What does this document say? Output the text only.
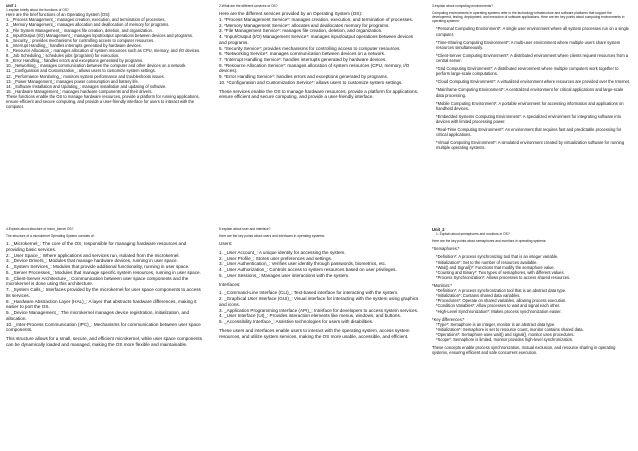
UNIT 1
1.explain briefly about the functions of OS?
Here are the brief functions of an Operating System (OS):
1. _Process Management_: manages creation, execution, and termination of processes.
2. _Memory Management_: manages allocation and deallocation of memory for programs.
3. _File System Management_: manages file creation, deletion, and organization.
4. _Input/Output (I/O) Management_: manages input/output operations between devices and programs.
5. _Security_: provides mechanisms for controlling access to computer resources.
6. _Interrupt Handling_: handles interrupts generated by hardware devices.
7. _Resource Allocation_: manages allocation of system resources such as CPU, memory, and I/O devices.
8. _Job Scheduling_: schedules jobs (programs) for execution.
9. _Error Handling_: handles errors and exceptions generated by programs.
10. _Networking_: manages communication between the computer and other devices on a network.
11. _Configuration and Customization_: allows users to customize system settings.
12. _Performance Monitoring_: monitors system performance and troubleshoots issues.
13. _Power Management_: manages power consumption and battery life.
14. _Software Installation and Updating_: manages installation and updating of software.
15. _Hardware Management_: manages hardware components and their drivers.
These functions enable the OS to manage hardware resources, provide a platform for running applications, ensure efficient and secure computing, and provide a user-friendly interface for users to interact with the computer.
2.What are the different services of OS?
Here are the different services provided by an Operating System (OS):
1. *Process Management Service*: manages creation, execution, and termination of processes.
2. *Memory Management Service*: allocates and deallocates memory for programs.
3. *File Management Service*: manages file creation, deletion, and organization.
4. *Input/Output (I/O) Management Service*: manages input/output operations between devices and programs.
5. *Security Service*: provides mechanisms for controlling access to computer resources.
6. *Networking Service*: manages communication between devices on a network.
7. *Interrupt Handling Service*: handles interrupts generated by hardware devices.
8. *Resource Allocation Service*: manages allocation of system resources (CPU, memory, I/O devices).
9. *Error Handling Service*: handles errors and exceptions generated by programs.
10. *Configuration and Customization Service*: allows users to customize system settings.
These services enable the OS to manage hardware resources, provide a platform for applications, ensure efficient and secure computing, and provide a user-friendly interface.
3.explain about computing environments?
Computing environments in operating systems refer to the technology infrastructure and software platforms that support the development, testing, deployment, and execution of software applications. Here are ten key points about computing environments in operating systems:
*Personal Computing Environment*: A single user environment where all system processes run on a single computer.
*Time-Sharing Computing Environment*: A multi-user environment where multiple users share system resources simultaneously.
*Client-Server Computing Environment*: A distributed environment where clients request resources from a central server.
*Grid Computing Environment*: A distributed environment where multiple computers work together to perform large-scale computations.
*Cloud Computing Environment*: A virtualized environment where resources are provided over the Internet.
*Mainframe Computing Environment*: A centralized environment for critical applications and large-scale data processing.
*Mobile Computing Environment*: A portable environment for accessing information and applications on handheld devices.
*Embedded Systems Computing Environment*: A specialized environment for integrating software into devices with limited processing power.
*Real-Time Computing Environment*: An environment that requires fast and predictable processing for critical applications.
*Virtual Computing Environment*: A simulated environment created by virtualization software for running multiple operating systems.
4.Explain about structure of micro_kernel OS?
The structure of a microkernel Operating System consists of:
1. _Microkernel_: The core of the OS, responsible for managing hardware resources and providing basic services.
2. _User Space_: Where applications and services run, isolated from the microkernel.
3. _Device Drivers_: Modules that manage hardware devices, running in user space.
4. _System Services_: Modules that provide additional functionality, running in user space.
5. _Server Processes_: Modules that manage specific system resources, running in user space.
6. _Client-Server Architecture_: Communication between user space components and the microkernel is done using this architecture.
7. _System Calls_: Interfaces provided by the microkernel for user space components to access its services.
8. _Hardware Abstraction Layer (HAL)_: A layer that abstracts hardware differences, making it easier to port the OS.
9. _Device Management_: The microkernel manages device registration, initialization, and allocation.
10. _Inter-Process Communication (IPC)_: Mechanisms for communication between user space components.
This structure allows for a small, secure, and efficient microkernel, while user space components can be dynamically loaded and managed, making the OS more flexible and maintainable.
5.explain about user and interface?
Here are the key points about users and interfaces in operating systems:
Users:
1. _User Account_: A unique identity for accessing the system.
2. _User Profile_: Stores user preferences and settings.
3. _User Authentication_: Verifies user identity through passwords, biometrics, etc.
4. _User Authorization_: Controls access to system resources based on user privileges.
5. _User Sessions_: Manages user interactions with the system.
Interfaces:
1. _Command-Line Interface (CLI)_: Text-based interface for interacting with the system.
2. _Graphical User Interface (GUI)_: Visual interface for interacting with the system using graphics and icons.
3. _Application Programming Interface (API)_: Interface for developers to access system services.
4. _User Interface (UI)_: Provides interaction elements like menus, windows, and buttons.
5. _Accessibility Interface_: Assistive technologies for users with disabilities.
These users and interfaces enable users to interact with the operating system, access system resources, and utilize system services, making the OS more usable, accessible, and efficient.
Unit_2
1. Explain about semaphores and monitors in OS?
Here are the key points about semaphores and monitors in operating systems:
*Semaphores:*
*Definition*: A process synchronizing tool that is an integer variable.
*Initialization*: Set to the number of resources available.
*Wait() and Signal()*: Functions that modify the semaphore value.
*Counting and Binary*: Two types of semaphores, with different values.
*Process Synchronization*: Allows processes to access shared resources.
*Monitors:*
*Definition*: A process synchronization tool that is an abstract data type.
*Initialization*: Contains shared data variables.
*Procedures*: Operate on shared variables, allowing process execution.
*Condition Variables*: Allow processes to wait and signal each other.
*High-Level Synchronization*: Makes process synchronization easier.
*Key differences:*
*Type*: Semaphore is an integer, monitor is an abstract data type.
*Initialization*: Semaphore is set to resource count, monitor contains shared data.
*Operations*: Semaphore uses wait() and signal(), monitor uses procedures.
*Scope*: Semaphore is limited, monitor provides high-level synchronization.
These concepts enable process synchronization, mutual exclusion, and resource sharing in operating systems, ensuring efficient and safe concurrent execution.
